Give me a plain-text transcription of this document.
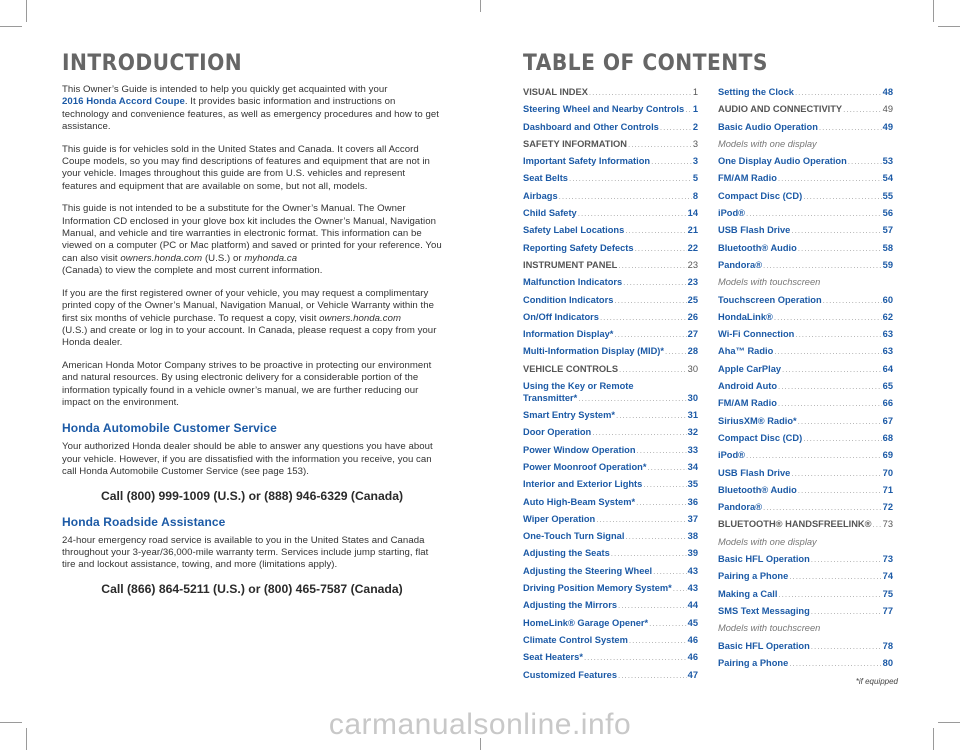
INTRODUCTION

This Owner’s Guide is intended to help you quickly get acquainted with your
2016 Honda Accord Coupe. It provides basic information and instructions on technology and convenience features, as well as emergency procedures and how to get assistance.

This guide is for vehicles sold in the United States and Canada. It covers all Accord Coupe models, so you may find descriptions of features and equipment that are not in your vehicle. Images throughout this guide are from U.S. vehicles and represent features and equipment that are available on some, but not all, models.

This guide is not intended to be a substitute for the Owner’s Manual. The Owner Information CD enclosed in your glove box kit includes the Owner’s Manual, Navigation Manual, and vehicle and tire warranties in electronic format. This information can be viewed on a computer (PC or Mac platform) and saved or printed for your reference. You can also visit owners.honda.com (U.S.) or myhonda.ca
(Canada) to view the complete and most current information.

If you are the first registered owner of your vehicle, you may request a complimentary printed copy of the Owner’s Manual, Navigation Manual, or Vehicle Warranty within the first six months of vehicle purchase. To request a copy, visit owners.honda.com
(U.S.) and create or log in to your account. In Canada, please request a copy from your Honda dealer.

American Honda Motor Company strives to be proactive in protecting our environment and natural resources. By using electronic delivery for a considerable portion of the information typically found in a vehicle owner’s manual, we are further reducing our impact on the environment.

Honda Automobile Customer Service

Your authorized Honda dealer should be able to answer any questions you have about your vehicle. However, if you are dissatisfied with the information you receive, you can call Honda Automobile Customer Service (see page 153).

Call (800) 999-1009 (U.S.) or (888) 946-6329 (Canada)
Honda Roadside Assistance

24-hour emergency road service is available to you in the United States and Canada throughout your 3-year/36,000-mile warranty term. Services include jump starting, flat tire and lockout assistance, towing, and more (limitations apply).

Call (866) 864-5211 (U.S.) or (800) 465-7587 (Canada)
TABLE OF CONTENTS
VISUAL INDEX .....	1
Steering Wheel and Nearby Controls ..... 1
Dashboard and Other Controls .....	2
SAFETY INFORMATION .....	3
Important Safety Information .....	3
Seat Belts .....	5
Airbags .....	8
Child Safety .....	14
Safety Label Locations .....	21
Reporting Safety Defects .....	22
INSTRUMENT PANEL .....	23
Malfunction Indicators .....	23
Condition Indicators .....	25
On/Off Indicators .....	26
Information Display* .....	27
Multi-Information Display (MID)* .....	28
VEHICLE CONTROLS .....	30
Using the Key or Remote
Transmitter* .....	30
Smart Entry System* .....	31
Door Operation .....	32
Power Window Operation .....	33
Power Moonroof Operation* .....	34
Interior and Exterior Lights .....	35
Auto High-Beam System* .....	36
Wiper Operation .....	37
One-Touch Turn Signal .....	38
Adjusting the Seats .....	39
Adjusting the Steering Wheel .....	43
Driving Position Memory System* ..... 43
Adjusting the Mirrors .....	44
HomeLink® Garage Opener* .....	45
Climate Control System .....	46
Seat Heaters* .....	46
Customized Features .....	47
Setting the Clock .....	48
AUDIO AND CONNECTIVITY .....	49
Basic Audio Operation .....	49
Models with one display
One Display Audio Operation .....	53
FM/AM Radio .....	54
Compact Disc (CD) .....	55
iPod® .....	56
USB Flash Drive .....	57
Bluetooth® Audio .....	58
Pandora® .....	59
Models with touchscreen
Touchscreen Operation .....	60
HondaLink® .....	62
Wi-Fi Connection .....	63
Aha™ Radio .....	63
Apple CarPlay .....	64
Android Auto .....	65
FM/AM Radio .....	66
SiriusXM® Radio* .....	67
Compact Disc (CD) .....	68
iPod® .....	69
USB Flash Drive .....	70
Bluetooth® Audio .....	71
Pandora® .....	72
BLUETOOTH® HANDSFREELINK® ..... 73
Models with one display
Basic HFL Operation .....	73
Pairing a Phone .....	74
Making a Call .....	75
SMS Text Messaging .....	77
Models with touchscreen
Basic HFL Operation .....	78
Pairing a Phone .....	80
*if equipped
carmanualsonline.info
